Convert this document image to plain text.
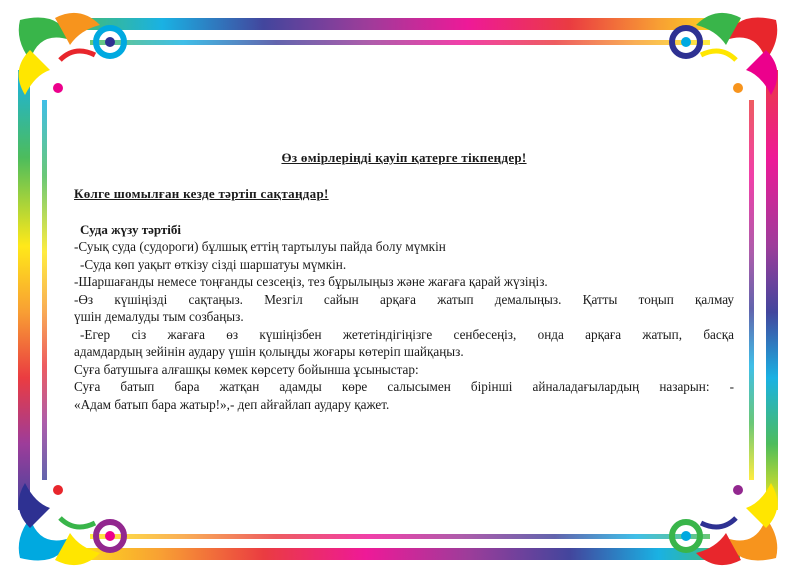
Өз өмірлеріңді қауіп қатерге тікпеңдер!
Көлге шомылған кезде тәртіп сақтаңдар!
Суда жүзу тәртібі
-Суық суда (судороги) бұлшық еттің тартылуы пайда болу мүмкін
-Суда көп уақыт өткізу сізді шаршатуы мүмкін.
-Шаршағанды немесе тоңғанды сезсеңіз, тез бұрылыңыз және жағаға қарай жүзіңіз.
-Өз күшіңізді сақтаңыз. Мезгіл сайын арқаға жатып демалыңыз. Қатты тоңып қалмау
үшін демалуды тым созбаңыз.
-Егер сіз жағаға өз күшіңізбен жететіндігіңізге сенбесеңіз, онда арқаға жатып, басқа
адамдардың зейінін аудару үшін қолыңды жоғары көтеріп шайқаңыз.
Суға батушыға алғашқы көмек көрсету бойынша ұсыныстар:
Суға батып бара жатқан адамды көре салысымен бірінші айналадағылардың назарын: -
«Адам батып бара жатыр!»,- деп айғайлап аудару қажет.
